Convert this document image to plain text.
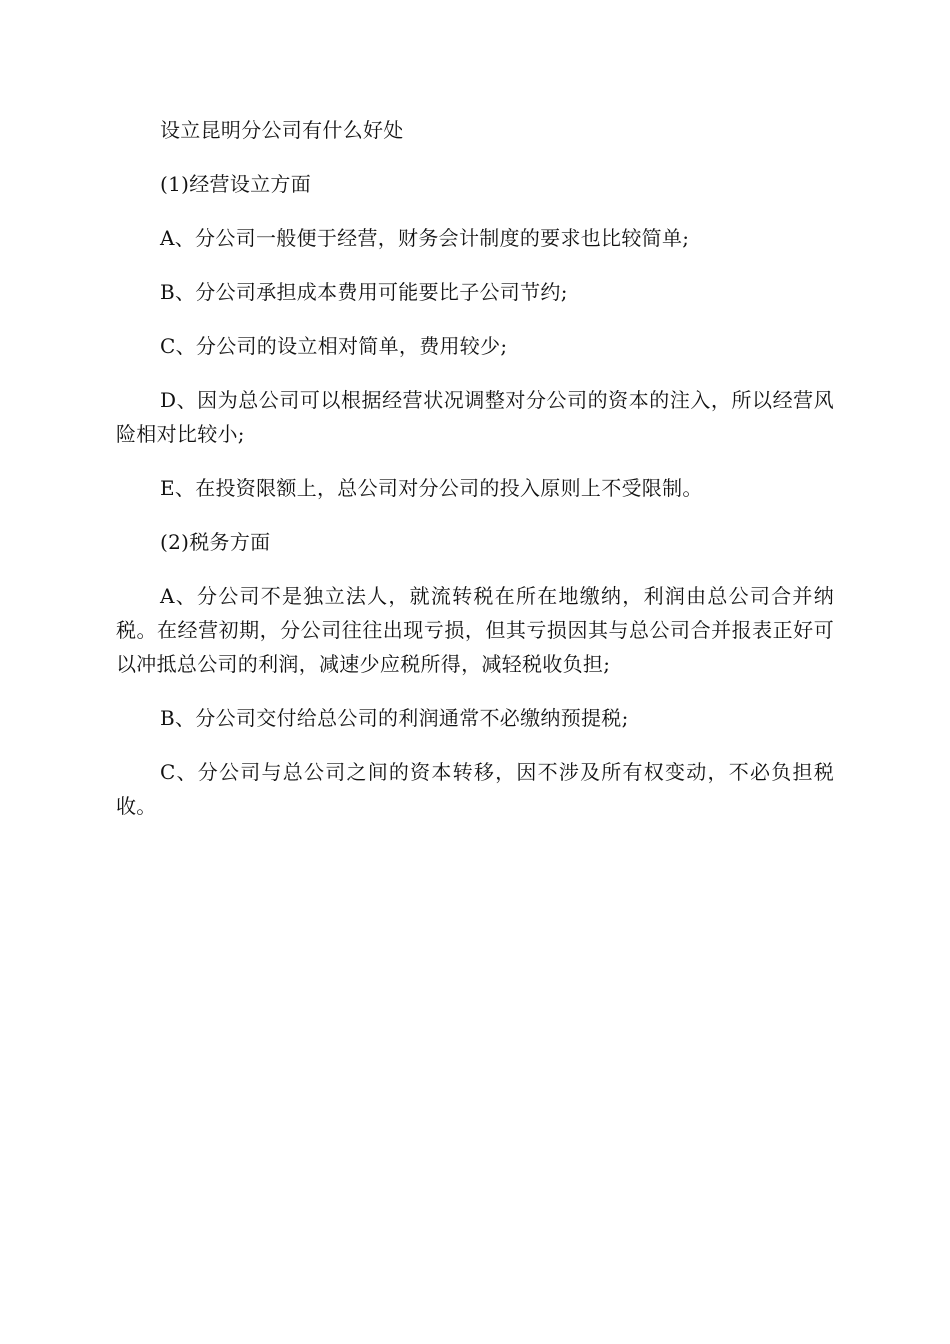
设立昆明分公司有什么好处

(1)经营设立方面

A、分公司一般便于经营，财务会计制度的要求也比较简单;

B、分公司承担成本费用可能要比子公司节约;

C、分公司的设立相对简单，费用较少;

D、因为总公司可以根据经营状况调整对分公司的资本的注入，所以经营风险相对比较小;

E、在投资限额上，总公司对分公司的投入原则上不受限制。

(2)税务方面

A、分公司不是独立法人，就流转税在所在地缴纳，利润由总公司合并纳税。在经营初期，分公司往往出现亏损，但其亏损因其与总公司合并报表正好可以冲抵总公司的利润，减速少应税所得，减轻税收负担;

B、分公司交付给总公司的利润通常不必缴纳预提税;

C、分公司与总公司之间的资本转移，因不涉及所有权变动，不必负担税收。
